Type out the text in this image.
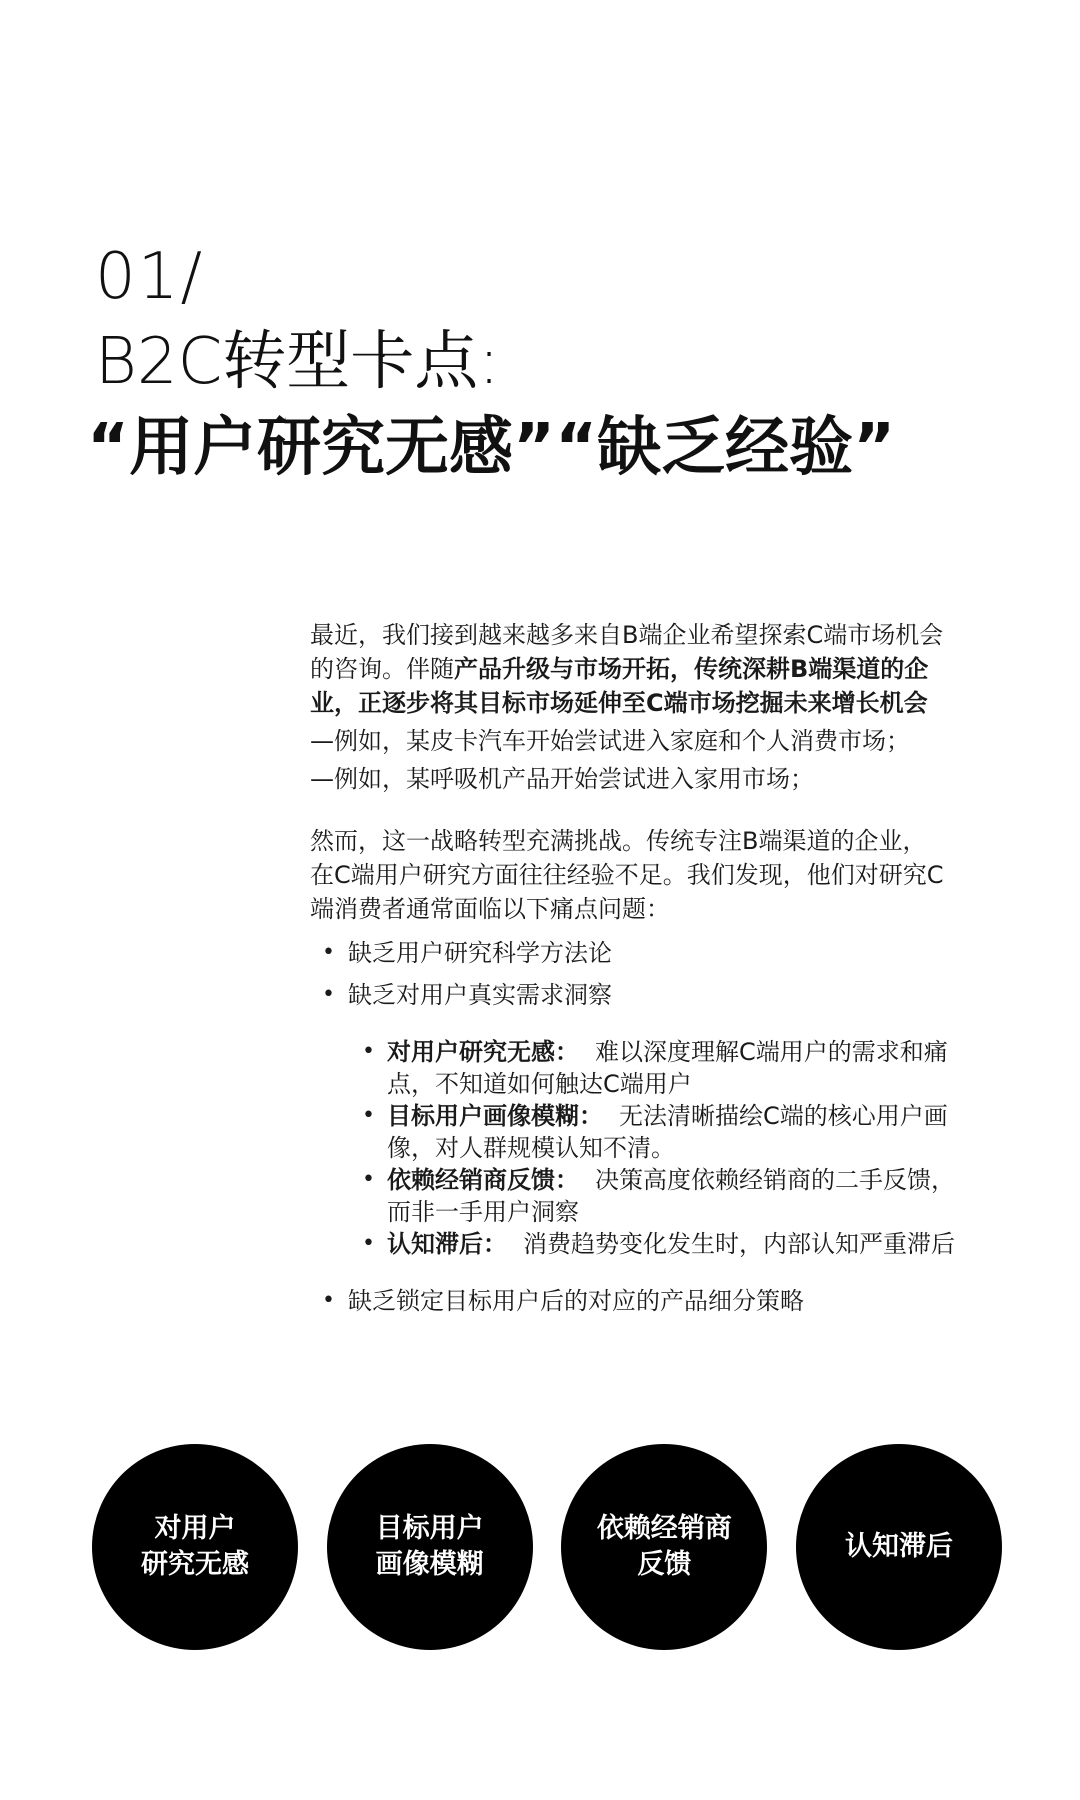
01/
B2C转型卡点:
“用户研究无感”“缺乏经验”

最近，我们接到越来越多来自B端企业希望探索C端市场机会

的咨询。伴随产品升级与市场开拓，传统深耕B端渠道的企

业，正逐步将其目标市场延伸至C端市场挖掘未来增长机会

—例如，某皮卡汽车开始尝试进入家庭和个人消费市场；

—例如，某呼吸机产品开始尝试进入家用市场；

然而，这一战略转型充满挑战。传统专注B端渠道的企业，

在C端用户研究方面往往经验不足。我们发现，他们对研究C

端消费者通常面临以下痛点问题：

• 缺乏用户研究科学方法论
• 缺乏对用户真实需求洞察
• 对用户研究无感： 难以深度理解C端用户的需求和痛
点，不知道如何触达C端用户
• 目标用户画像模糊： 无法清晰描绘C端的核心用户画
像，对人群规模认知不清。
• 依赖经销商反馈： 决策高度依赖经销商的二手反馈，
而非一手用户洞察
• 认知滞后： 消费趋势变化发生时，内部认知严重滞后
• 缺乏锁定目标用户后的对应的产品细分策略
对用户
研究无感
目标用户
画像模糊
依赖经销商
反馈
认知滞后
